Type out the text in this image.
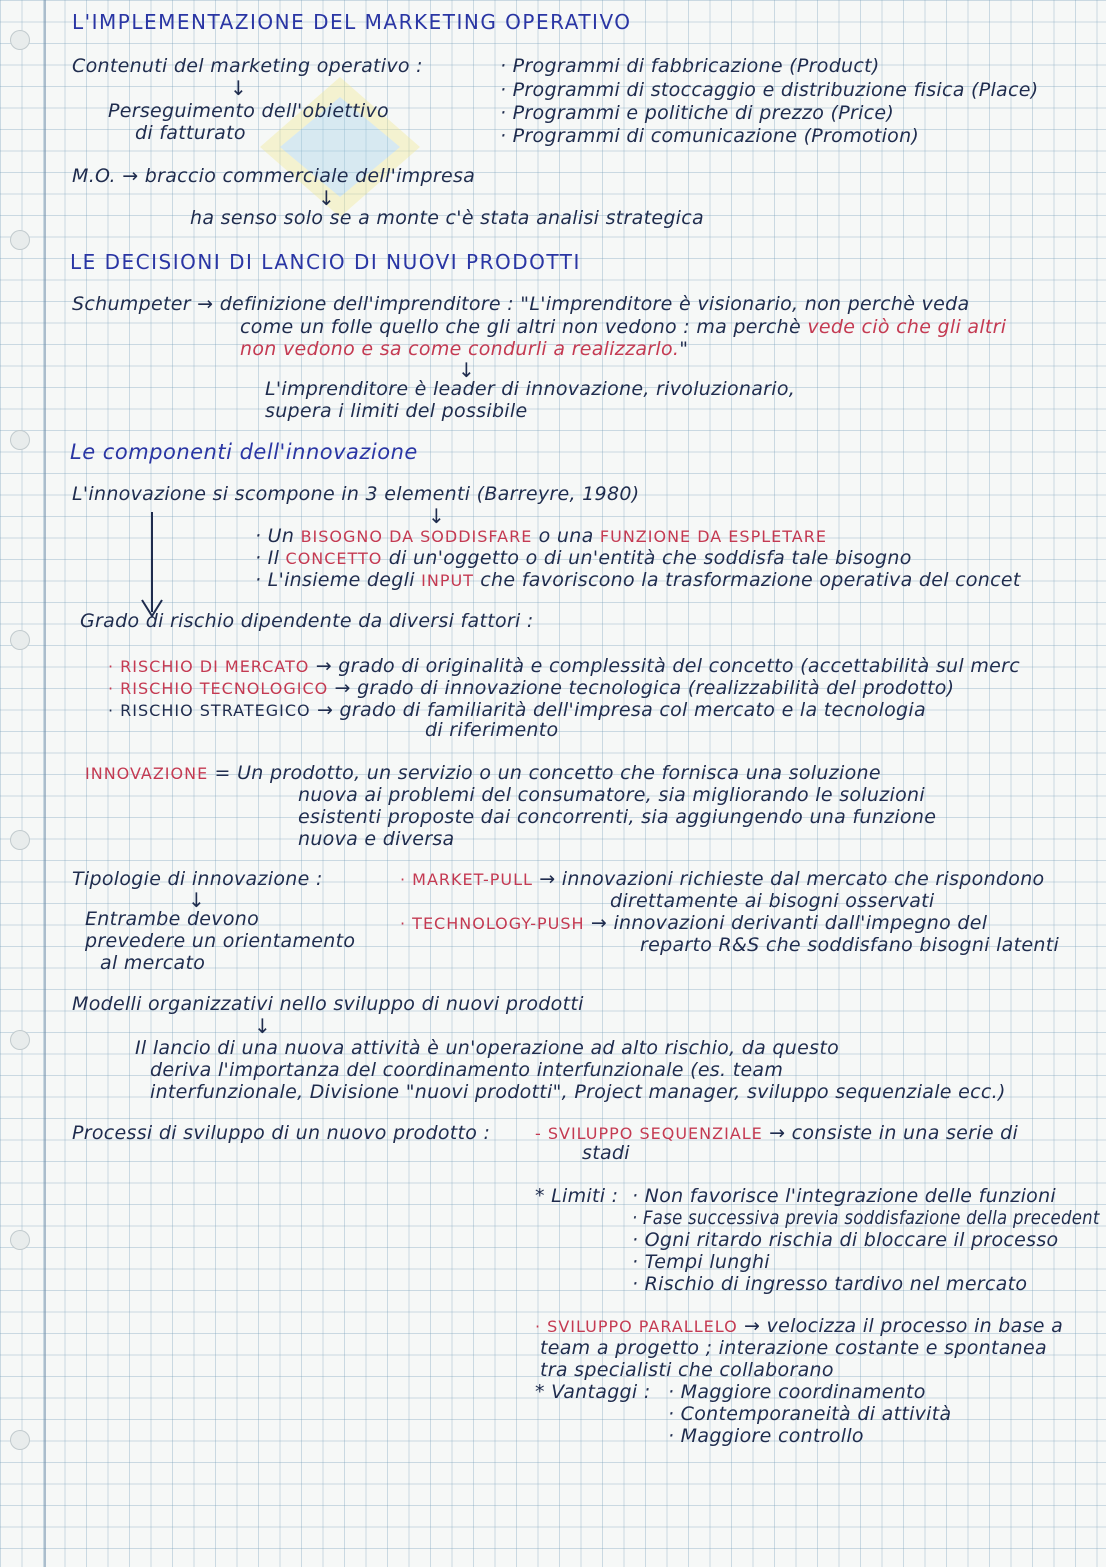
L'IMPLEMENTAZIONE DEL MARKETING OPERATIVO
Contenuti del marketing operativo :	· Programmi di fabbricazione (Product)
· Programmi di stoccaggio e distribuzione fisica (Place)
· Programmi e politiche di prezzo (Price)
· Programmi di comunicazione (Promotion)
↓
Perseguimento dell'obiettivo
di fatturato
M.O. → braccio commerciale dell'impresa
↓
ha senso solo se a monte c'è stata analisi strategica
LE DECISIONI DI LANCIO DI NUOVI PRODOTTI
Schumpeter → definizione dell'imprenditore : "L'imprenditore è visionario, non perchè veda
come un folle quello che gli altri non vedono : ma perchè vede ciò che gli altri
non vedono e sa come condurli a realizzarlo."
↓
L'imprenditore è leader di innovazione, rivoluzionario,
supera i limiti del possibile
Le componenti dell'innovazione
L'innovazione si scompone in 3 elementi (Barreyre, 1980)
↓
· Un BISOGNO DA SODDISFARE o una FUNZIONE DA ESPLETARE
· Il CONCETTO di un'oggetto o di un'entità che soddisfa tale bisogno
· L'insieme degli INPUT che favoriscono la trasformazione operativa del concet
Grado di rischio dipendente da diversi fattori :
· RISCHIO DI MERCATO → grado di originalità e complessità del concetto (accettabilità sul merc
· RISCHIO TECNOLOGICO → grado di innovazione tecnologica (realizzabilità del prodotto)
· RISCHIO STRATEGICO → grado di familiarità dell'impresa col mercato e la tecnologia
di riferimento
INNOVAZIONE = Un prodotto, un servizio o un concetto che fornisca una soluzione
nuova ai problemi del consumatore, sia migliorando le soluzioni
esistenti proposte dai concorrenti, sia aggiungendo una funzione
nuova e diversa
Tipologie di innovazione :	· MARKET-PULL → innovazioni richieste dal mercato che rispondono
direttamente ai bisogni osservati
↓
Entrambe devono	· TECHNOLOGY-PUSH → innovazioni derivanti dall'impegno del
prevedere un orientamento	reparto R&S che soddisfano bisogni latenti
al mercato
Modelli organizzativi nello sviluppo di nuovi prodotti
↓
Il lancio di una nuova attività è un'operazione ad alto rischio, da questo
deriva l'importanza del coordinamento interfunzionale (es. team
interfunzionale, Divisione "nuovi prodotti", Project manager, sviluppo sequenziale ecc.)
Processi di sviluppo di un nuovo prodotto :	- SVILUPPO SEQUENZIALE → consiste in una serie di
stadi
* Limiti : · Non favorisce l'integrazione delle funzioni
· Fase successiva previa soddisfazione della precedent
· Ogni ritardo rischia di bloccare il processo
· Tempi lunghi
· Rischio di ingresso tardivo nel mercato
· SVILUPPO PARALLELO → velocizza il processo in base a
team a progetto ; interazione costante e spontanea
tra specialisti che collaborano
* Vantaggi : · Maggiore coordinamento
· Contemporaneità di attività
· Maggiore controllo
